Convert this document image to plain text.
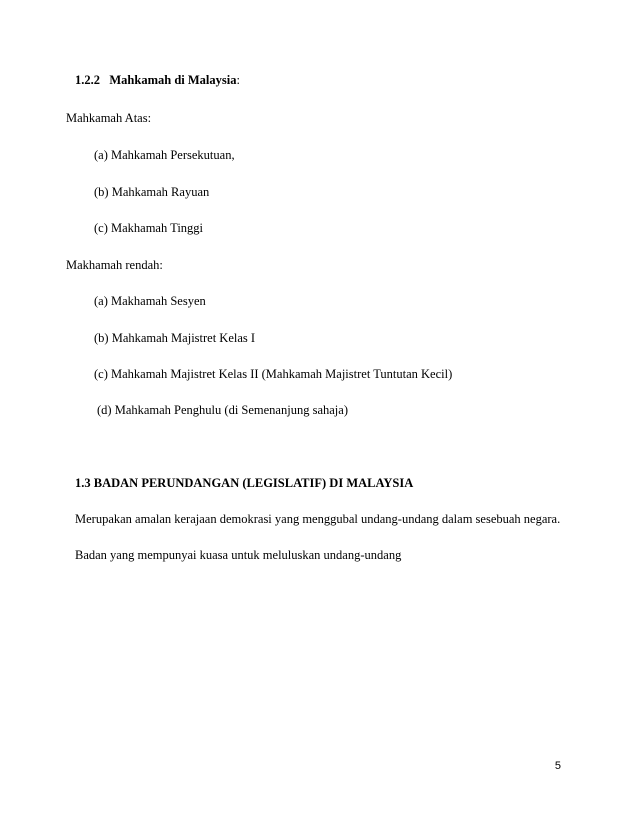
1.2.2 Mahkamah di Malaysia:
Mahkamah Atas:
(a) Mahkamah Persekutuan,
(b) Mahkamah Rayuan
(c) Makhamah Tinggi
Makhamah rendah:
(a) Makhamah Sesyen
(b) Mahkamah Majistret Kelas I
(c) Mahkamah Majistret Kelas II (Mahkamah Majistret Tuntutan Kecil)
(d) Mahkamah Penghulu (di Semenanjung sahaja)
1.3 BADAN PERUNDANGAN (LEGISLATIF) DI MALAYSIA
Merupakan amalan kerajaan demokrasi yang menggubal undang-undang dalam sesebuah negara.
Badan yang mempunyai kuasa untuk meluluskan undang-undang
5
